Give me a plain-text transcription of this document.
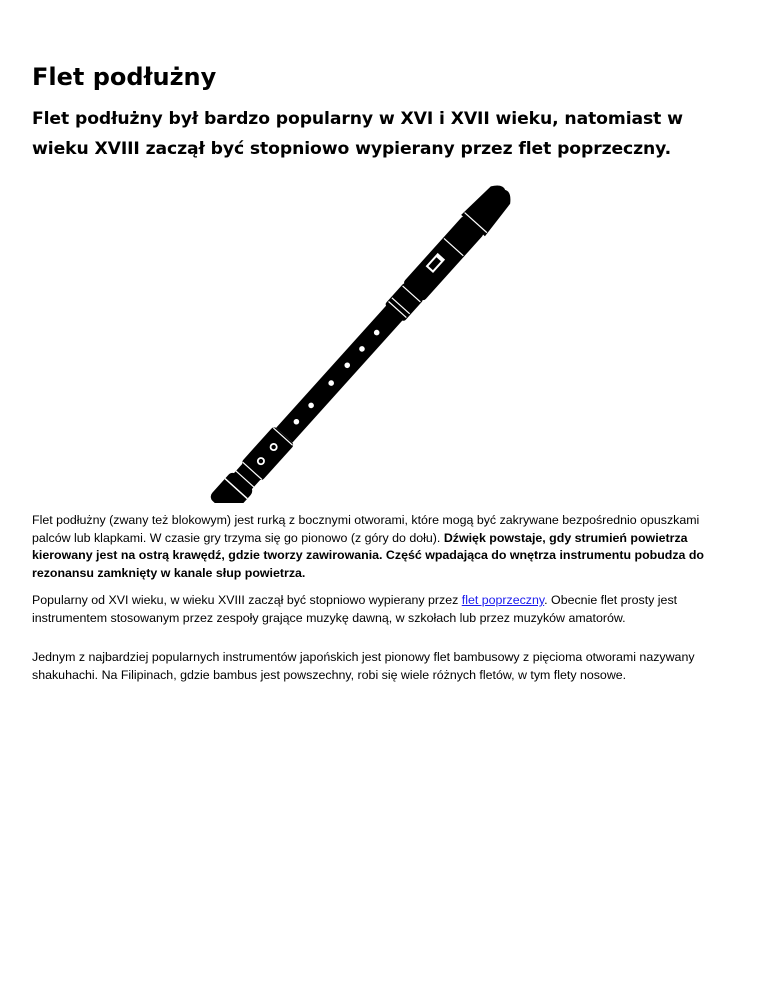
Flet podłużny
Flet podłużny był bardzo popularny w XVI i XVII wieku, natomiast w wieku XVIII zaczął być stopniowo wypierany przez flet poprzeczny.

Flet podłużny (zwany też blokowym) jest rurką z bocznymi otworami, które mogą być zakrywane bezpośrednio opuszkami palców lub klapkami. W czasie gry trzyma się go pionowo (z góry do dołu). Dźwięk powstaje, gdy strumień powietrza kierowany jest na ostrą krawędź, gdzie tworzy zawirowania. Część wpadająca do wnętrza instrumentu pobudza do rezonansu zamknięty w kanale słup powietrza.

Popularny od XVI wieku, w wieku XVIII zaczął być stopniowo wypierany przez flet poprzeczny. Obecnie flet prosty jest instrumentem stosowanym przez zespoły grające muzykę dawną, w szkołach lub przez muzyków amatorów.

Jednym z najbardziej popularnych instrumentów japońskich jest pionowy flet bambusowy z pięcioma otworami nazywany shakuhachi. Na Filipinach, gdzie bambus jest powszechny, robi się wiele różnych fletów, w tym flety nosowe.
